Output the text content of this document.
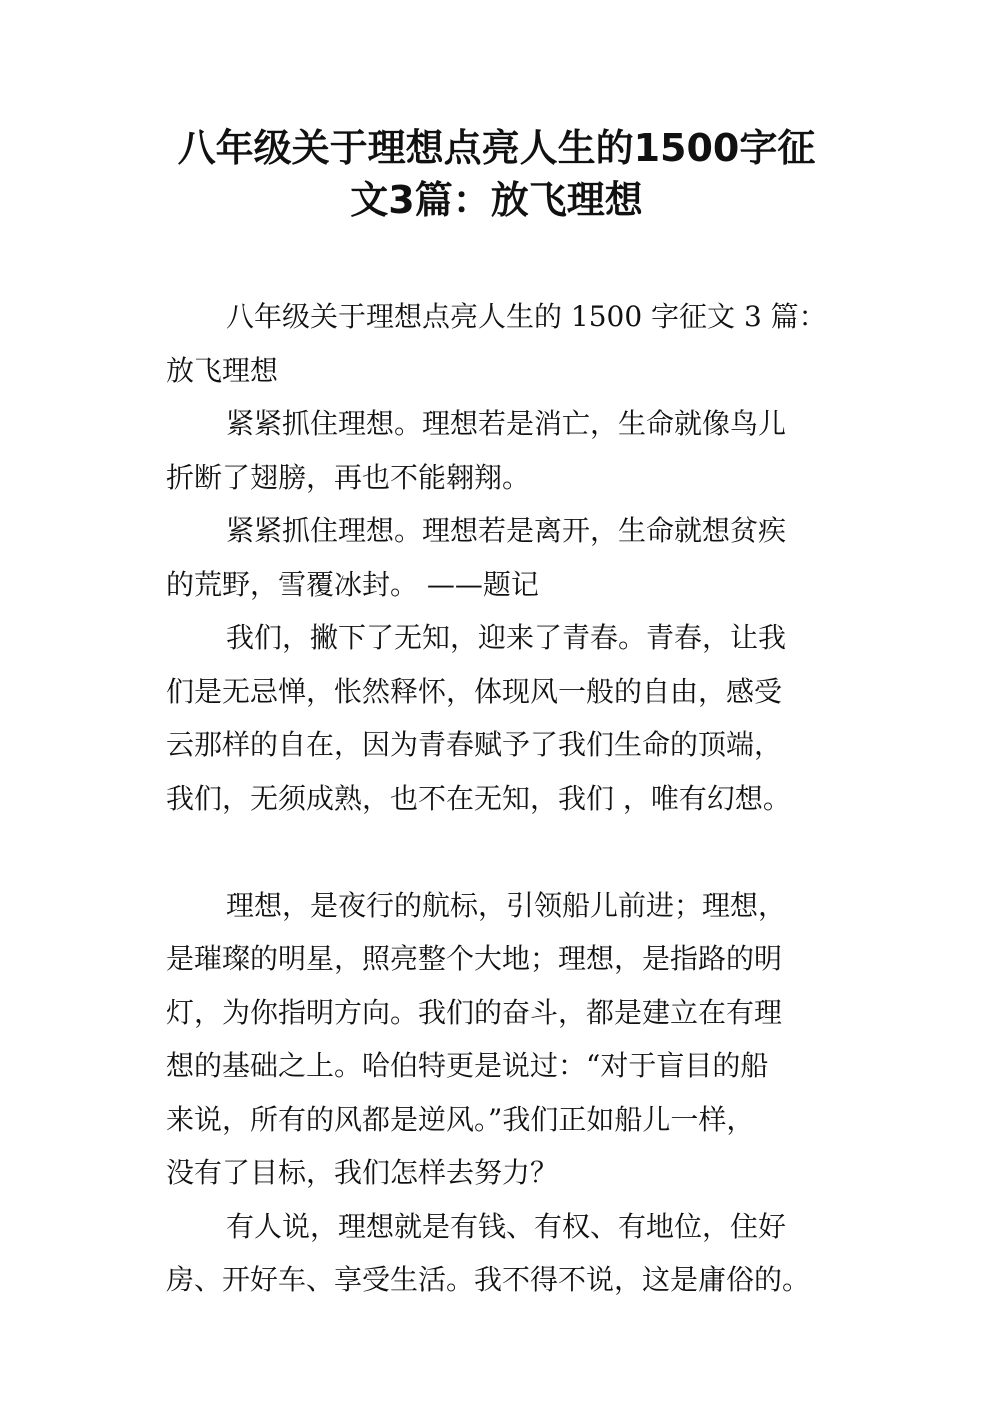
八年级关于理想点亮人生的1500字征
文3篇：放飞理想
八年级关于理想点亮人生的 1500 字征文 3 篇：
放飞理想
紧紧抓住理想。理想若是消亡，生命就像鸟儿
折断了翅膀，再也不能翱翔。
紧紧抓住理想。理想若是离开，生命就想贫疾
的荒野，雪覆冰封。 ——题记
我们，撇下了无知，迎来了青春。青春，让我
们是无忌惮，怅然释怀，体现风一般的自由，感受
云那样的自在，因为青春赋予了我们生命的顶端，
我们，无须成熟，也不在无知，我们 ，唯有幻想。
理想，是夜行的航标，引领船儿前进；理想，
是璀璨的明星，照亮整个大地；理想，是指路的明
灯，为你指明方向。我们的奋斗，都是建立在有理
想的基础之上。哈伯特更是说过：“对于盲目的船
来说，所有的风都是逆风。”我们正如船儿一样，
没有了目标，我们怎样去努力？
有人说，理想就是有钱、有权、有地位，住好
房、开好车、享受生活。我不得不说，这是庸俗的。
